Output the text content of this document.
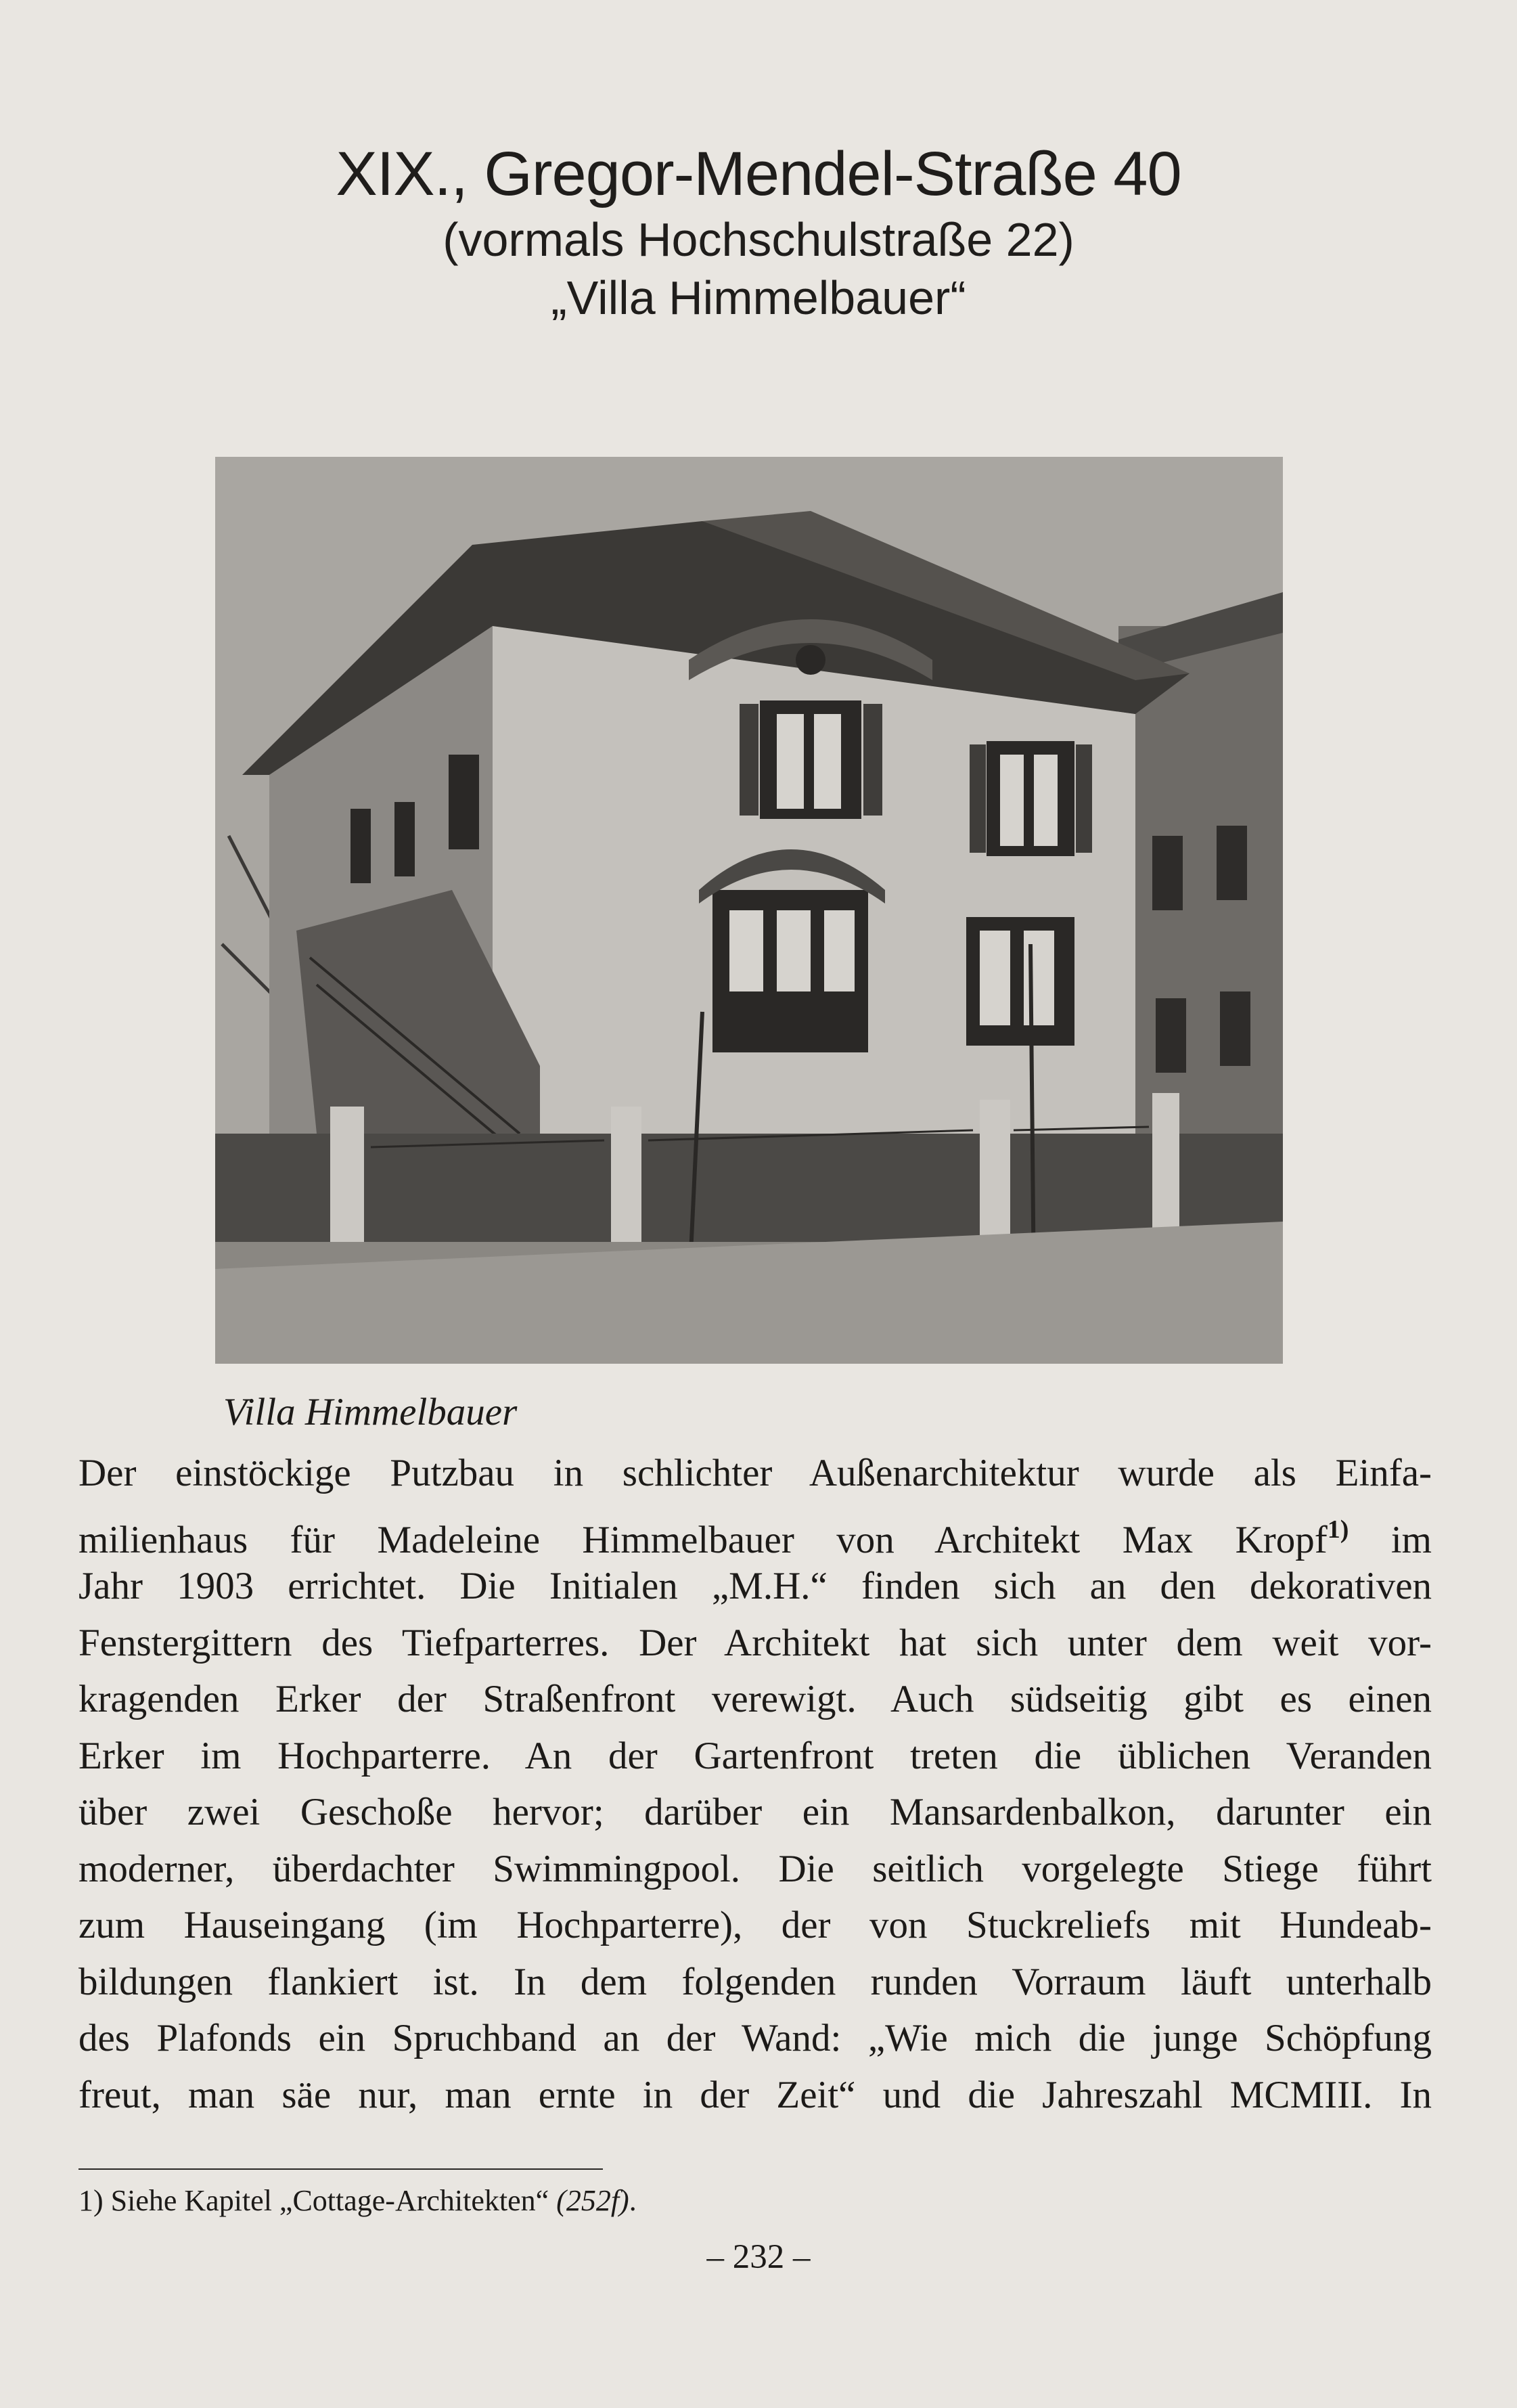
XIX., Gregor-Mendel-Straße 40
(vormals Hochschulstraße 22)
„Villa Himmelbauer“
Villa Himmelbauer
Der einstöckige Putzbau in schlichter Außenarchitektur wurde als Einfa-
milienhaus für Madeleine Himmelbauer von Architekt Max Kropf$^{1)}$ im
Jahr 1903 errichtet. Die Initialen „M.H.“ finden sich an den dekorativen
Fenstergittern des Tiefparterres. Der Architekt hat sich unter dem weit vor-
kragenden Erker der Straßenfront verewigt. Auch südseitig gibt es einen
Erker im Hochparterre. An der Gartenfront treten die üblichen Veranden
über zwei Geschoße hervor; darüber ein Mansardenbalkon, darunter ein
moderner, überdachter Swimmingpool. Die seitlich vorgelegte Stiege führt
zum Hauseingang (im Hochparterre), der von Stuckreliefs mit Hundeab-
bildungen flankiert ist. In dem folgenden runden Vorraum läuft unterhalb
des Plafonds ein Spruchband an der Wand: „Wie mich die junge Schöpfung
freut, man säe nur, man ernte in der Zeit“ und die Jahreszahl MCMIII. In
1) Siehe Kapitel „Cottage-Architekten“ (252f).
– 232 –
